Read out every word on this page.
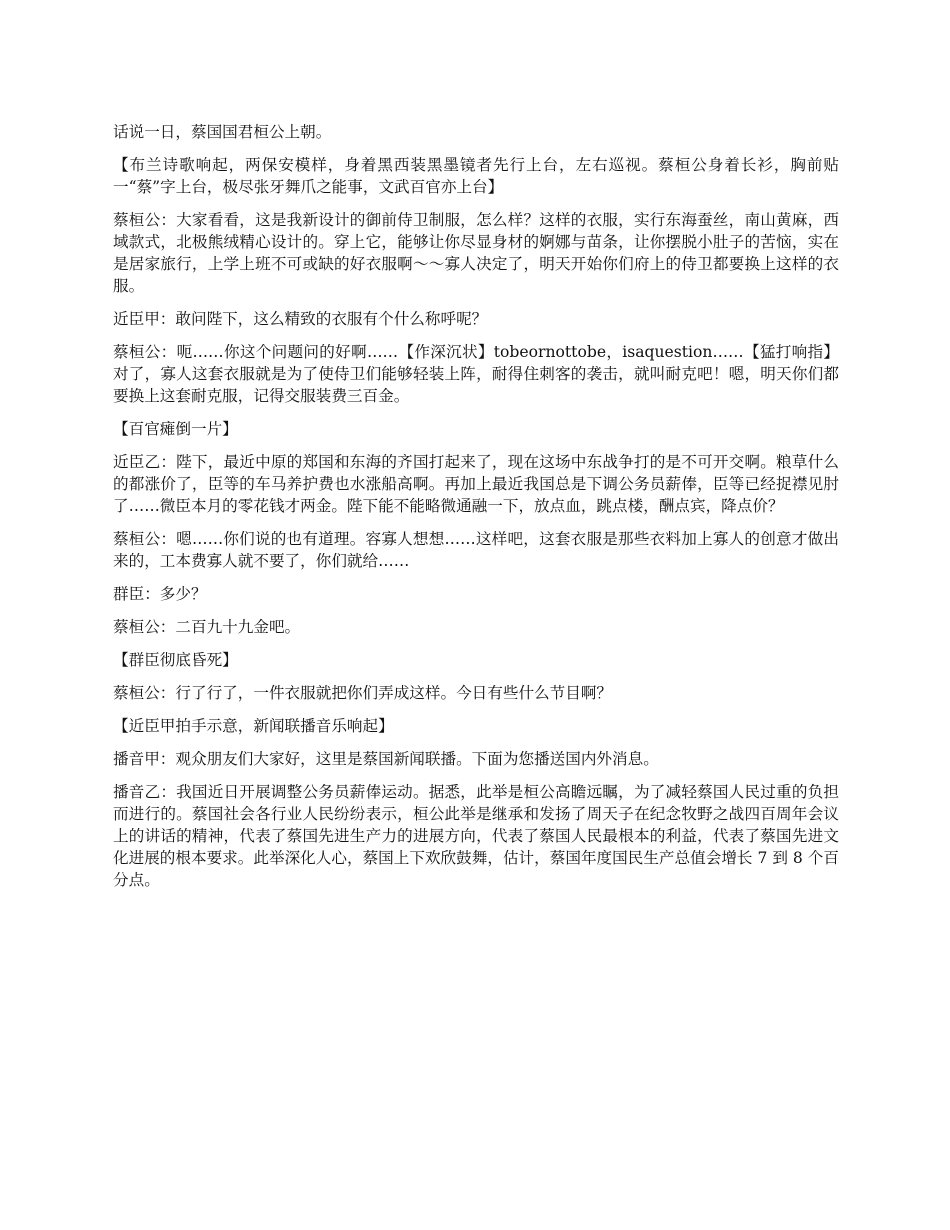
话说一日，蔡国国君桓公上朝。

【布兰诗歌响起，两保安模样，身着黑西装黑墨镜者先行上台，左右巡视。蔡桓公身着长衫，胸前贴一“蔡”字上台，极尽张牙舞爪之能事，文武百官亦上台】

蔡桓公：大家看看，这是我新设计的御前侍卫制服，怎么样？这样的衣服，实行东海蚕丝，南山黄麻，西域款式，北极熊绒精心设计的。穿上它，能够让你尽显身材的婀娜与苗条，让你摆脱小肚子的苦恼，实在是居家旅行，上学上班不可或缺的好衣服啊～～寡人决定了，明天开始你们府上的侍卫都要换上这样的衣服。

近臣甲：敢问陛下，这么精致的衣服有个什么称呼呢？

蔡桓公：呃……你这个问题问的好啊……【作深沉状】tobeornottobe，isaquestion……【猛打响指】对了，寡人这套衣服就是为了使侍卫们能够轻装上阵，耐得住刺客的袭击，就叫耐克吧！嗯，明天你们都要换上这套耐克服，记得交服装费三百金。

【百官瘫倒一片】

近臣乙：陛下，最近中原的郑国和东海的齐国打起来了，现在这场中东战争打的是不可开交啊。粮草什么的都涨价了，臣等的车马养护费也水涨船高啊。再加上最近我国总是下调公务员薪俸，臣等已经捉襟见肘了……微臣本月的零花钱才两金。陛下能不能略微通融一下，放点血，跳点楼，酬点宾，降点价？

蔡桓公：嗯……你们说的也有道理。容寡人想想……这样吧，这套衣服是那些衣料加上寡人的创意才做出来的，工本费寡人就不要了，你们就给……

群臣：多少？

蔡桓公：二百九十九金吧。

【群臣彻底昏死】

蔡桓公：行了行了，一件衣服就把你们弄成这样。今日有些什么节目啊？

【近臣甲拍手示意，新闻联播音乐响起】

播音甲：观众朋友们大家好，这里是蔡国新闻联播。下面为您播送国内外消息。

播音乙：我国近日开展调整公务员薪俸运动。据悉，此举是桓公高瞻远瞩，为了减轻蔡国人民过重的负担而进行的。蔡国社会各行业人民纷纷表示，桓公此举是继承和发扬了周天子在纪念牧野之战四百周年会议上的讲话的精神，代表了蔡国先进生产力的进展方向，代表了蔡国人民最根本的利益，代表了蔡国先进文化进展的根本要求。此举深化人心，蔡国上下欢欣鼓舞，估计，蔡国年度国民生产总值会增长 7 到 8 个百分点。
